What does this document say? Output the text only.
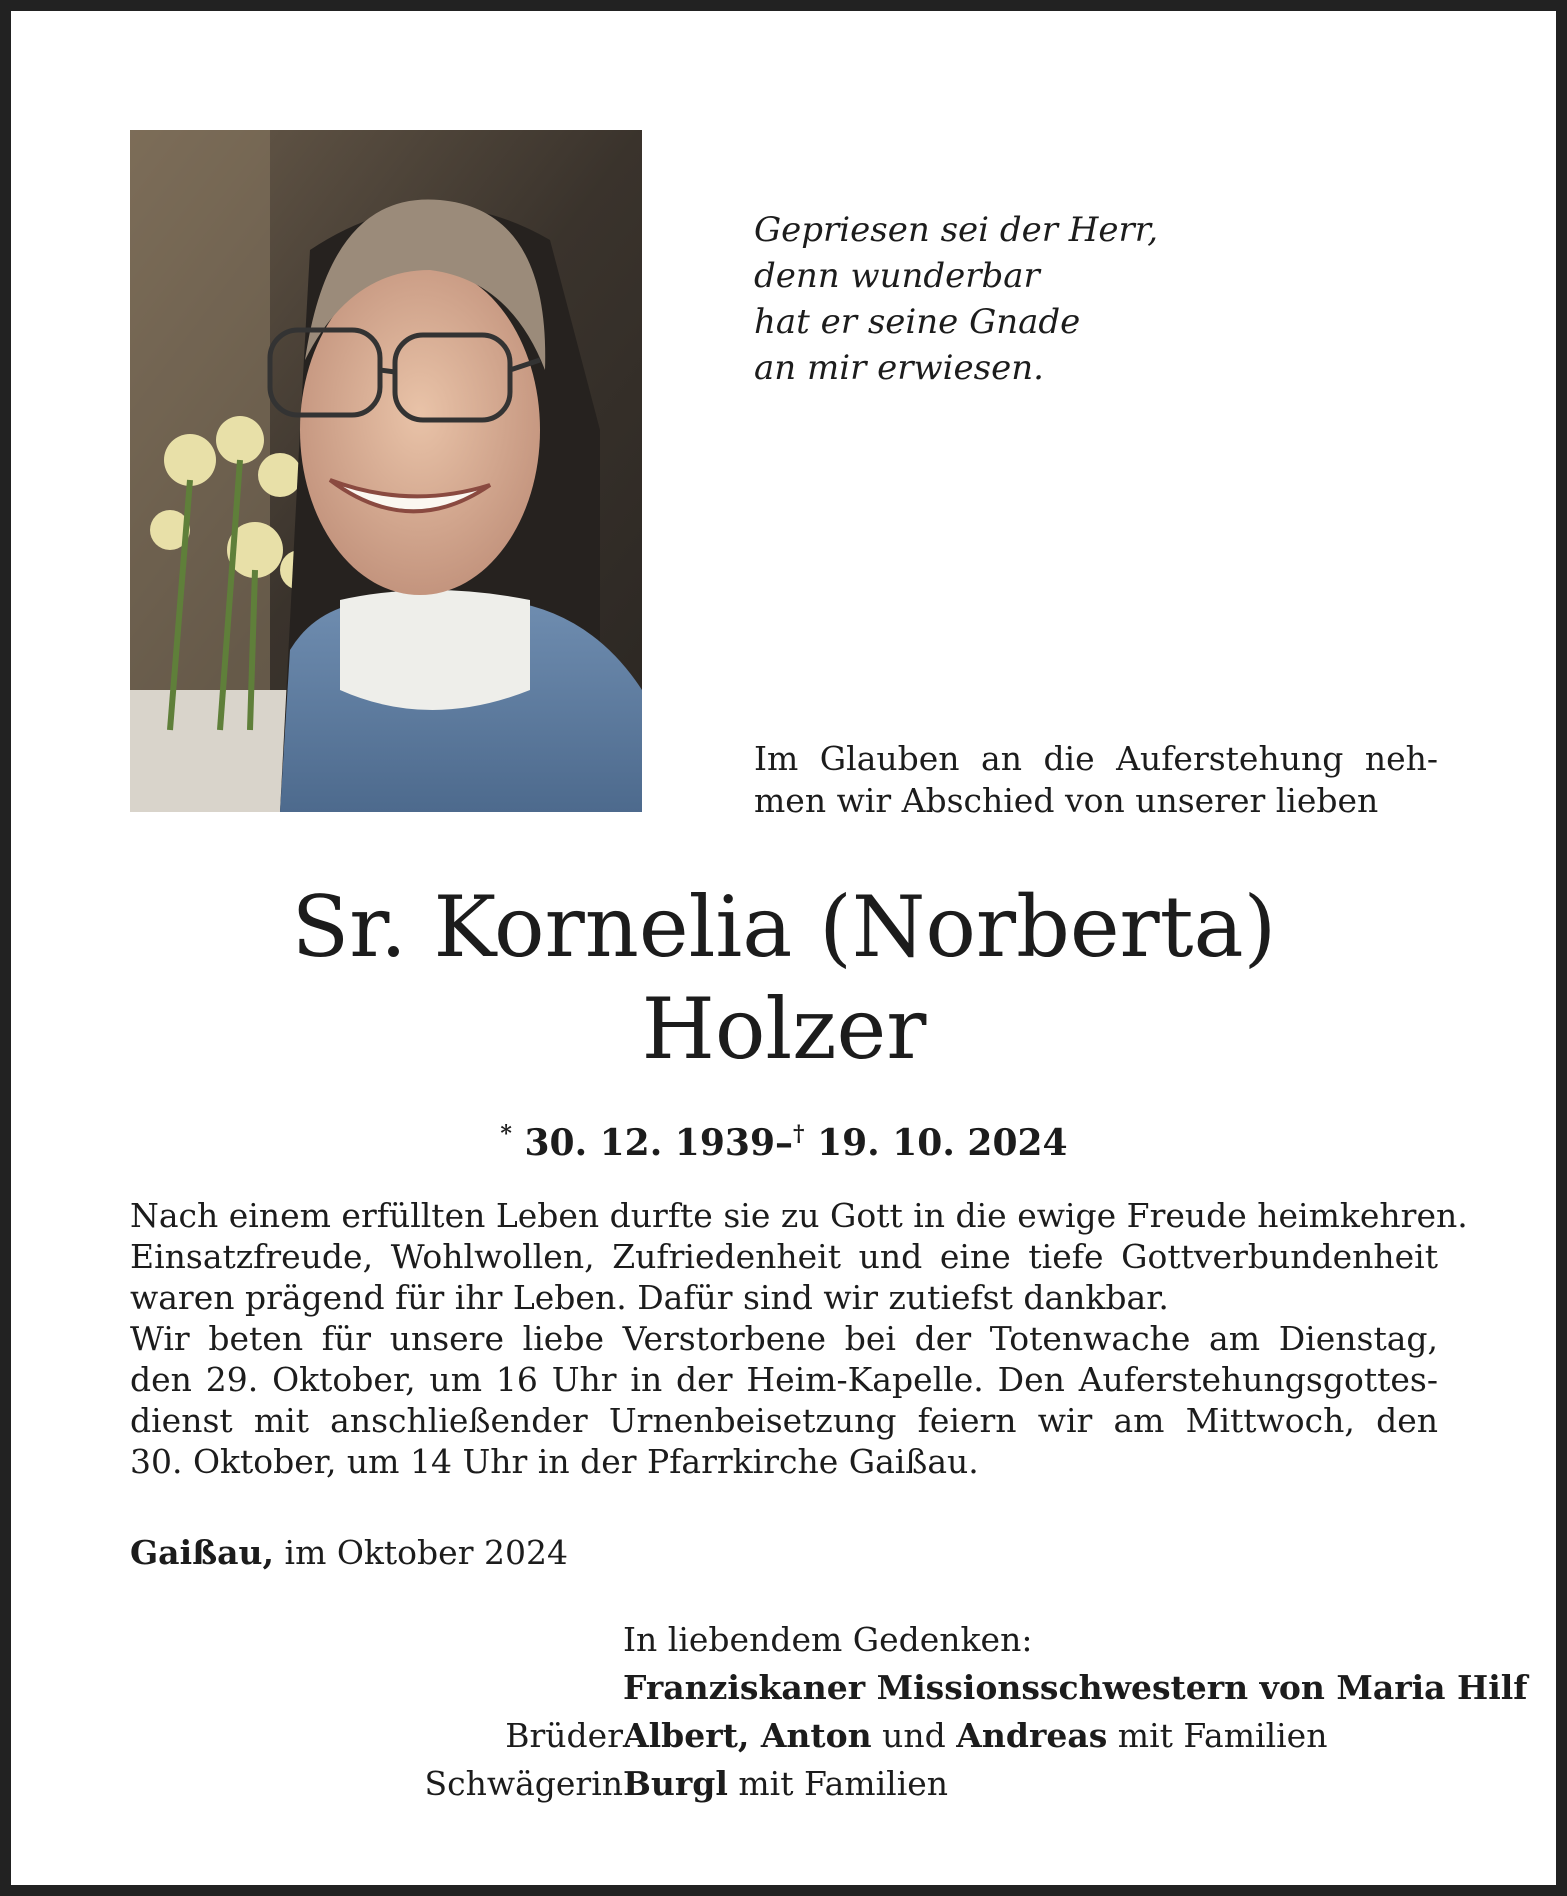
Gepriesen sei der Herr,
denn wunderbar
hat er seine Gnade
an mir erwiesen.
Im Glauben an die Auferstehung neh-
men wir Abschied von unserer lieben
Sr. Kornelia (Norberta)
Holzer
* 30. 12. 1939–† 19. 10. 2024
Nach einem erfüllten Leben durfte sie zu Gott in die ewige Freude heimkehren.
Einsatzfreude, Wohlwollen, Zufriedenheit und eine tiefe Gottverbundenheit
waren prägend für ihr Leben. Dafür sind wir zutiefst dankbar.
Wir beten für unsere liebe Verstorbene bei der Totenwache am Dienstag,
den 29. Oktober, um 16 Uhr in der Heim-Kapelle. Den Auferstehungsgottes-
dienst mit anschließender Urnenbeisetzung feiern wir am Mittwoch, den
30. Oktober, um 14 Uhr in der Pfarrkirche Gaißau.
Gaißau, im Oktober 2024
In liebendem Gedenken:
Franziskaner Missionsschwestern von Maria Hilf
Brüder Albert, Anton und Andreas mit Familien
Schwägerin Burgl mit Familien
